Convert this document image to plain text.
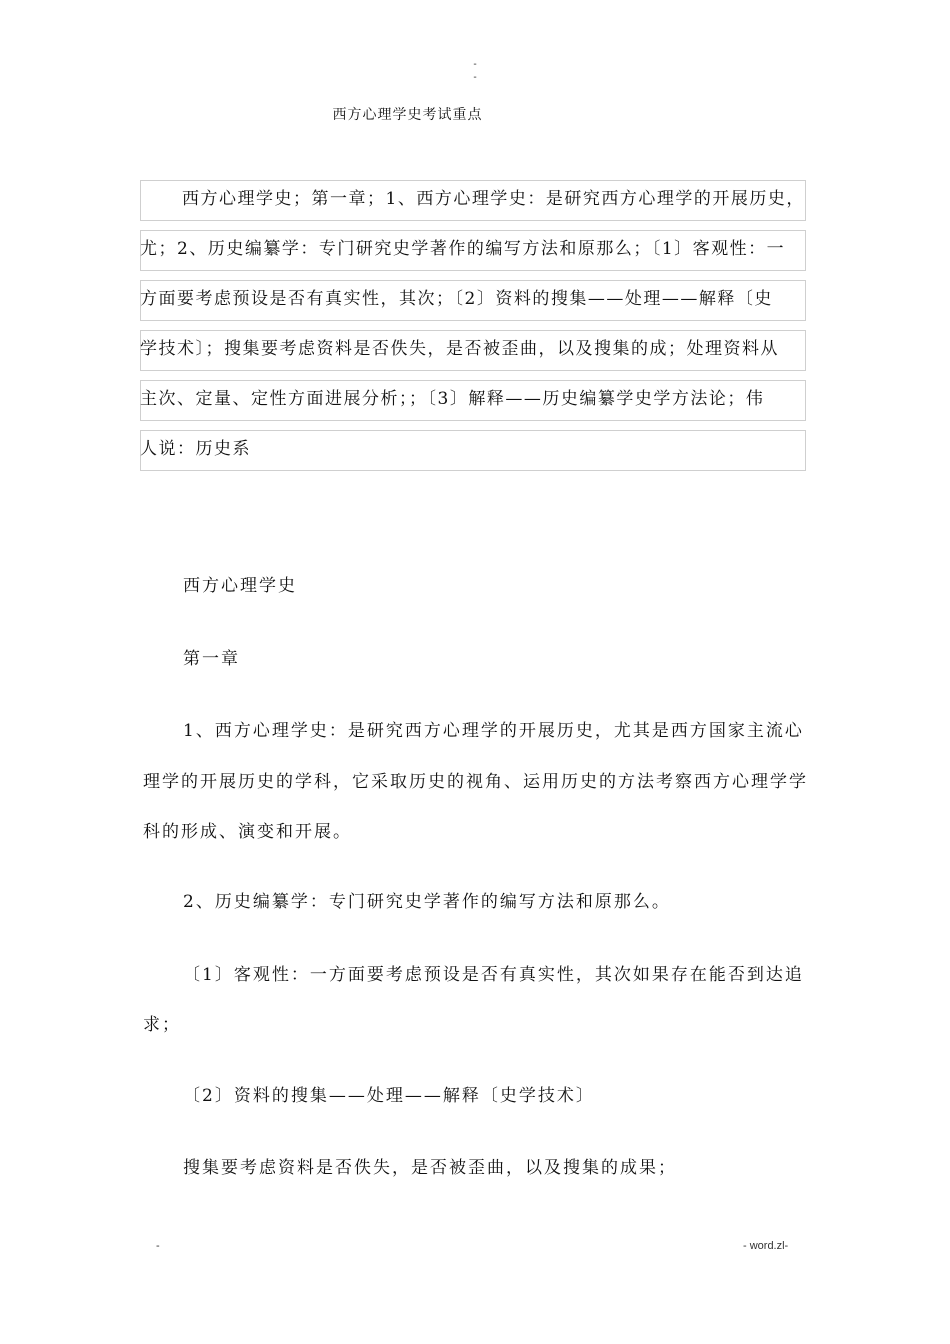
-
-
西方心理学史考试重点
西方心理学史；第一章；1、西方心理学史：是研究西方心理学的开展历史，
尤；2、历史编纂学：专门研究史学著作的编写方法和原那么；〔1〕客观性：一
方面要考虑预设是否有真实性，其次；〔2〕资料的搜集——处理——解释〔史
学技术〕；搜集要考虑资料是否佚失，是否被歪曲，以及搜集的成；处理资料从
主次、定量、定性方面进展分析；；〔3〕解释——历史编纂学史学方法论；伟
人说：历史系
西方心理学史
第一章
1、西方心理学史：是研究西方心理学的开展历史，尤其是西方国家主流心
理学的开展历史的学科，它采取历史的视角、运用历史的方法考察西方心理学学
科的形成、演变和开展。
2、历史编纂学：专门研究史学著作的编写方法和原那么。
〔1〕客观性：一方面要考虑预设是否有真实性，其次如果存在能否到达追
求；
〔2〕资料的搜集——处理——解释〔史学技术〕
搜集要考虑资料是否佚失，是否被歪曲，以及搜集的成果；
-	- word.zl-
